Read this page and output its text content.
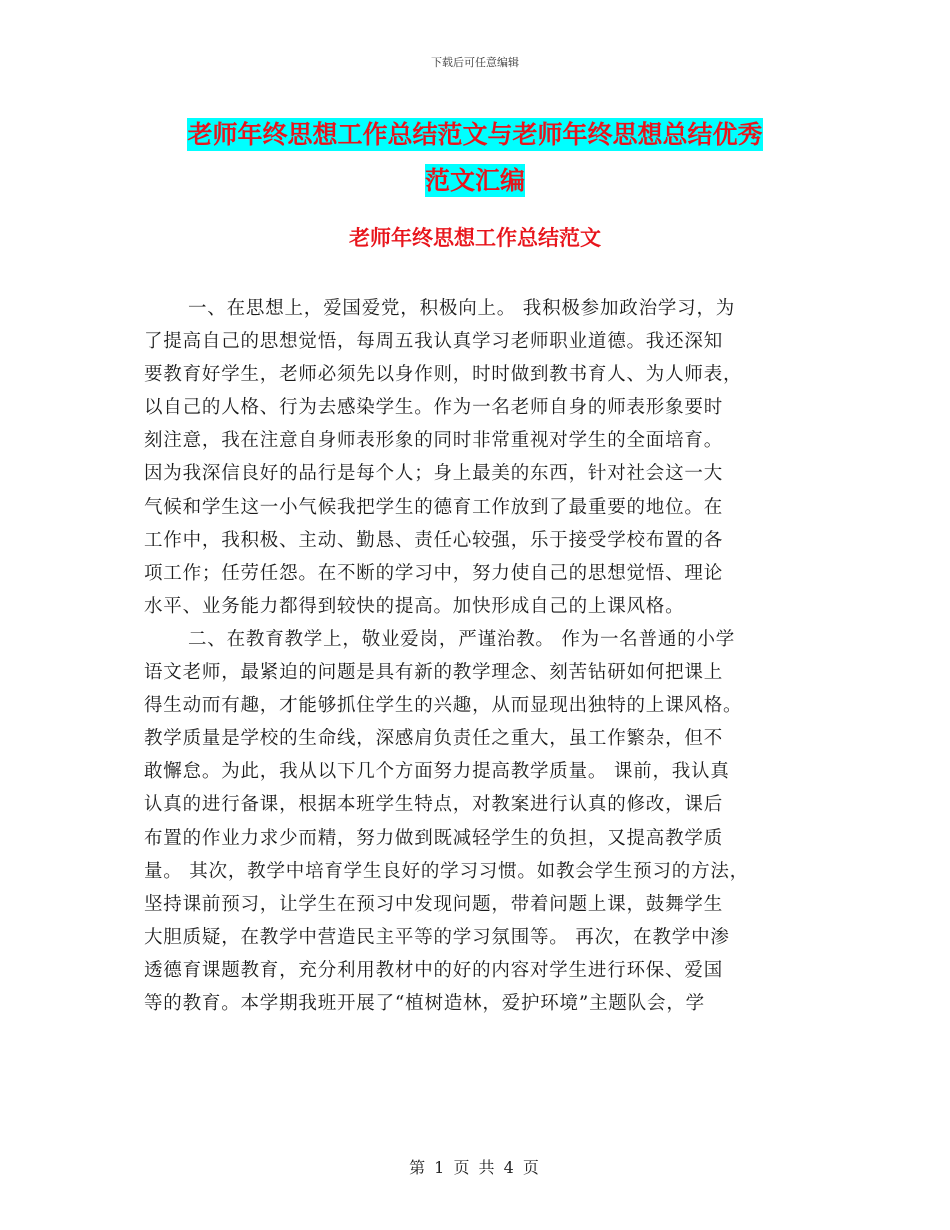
下载后可任意编辑
老师年终思想工作总结范文与老师年终思想总结优秀
范文汇编
老师年终思想工作总结范文
一、在思想上，爱国爱党，积极向上。 我积极参加政治学习，为
了提高自己的思想觉悟，每周五我认真学习老师职业道德。我还深知
要教育好学生，老师必须先以身作则，时时做到教书育人、为人师表，
以自己的人格、行为去感染学生。作为一名老师自身的师表形象要时
刻注意，我在注意自身师表形象的同时非常重视对学生的全面培育。
因为我深信良好的品行是每个人；身上最美的东西，针对社会这一大
气候和学生这一小气候我把学生的德育工作放到了最重要的地位。在
工作中，我积极、主动、勤恳、责任心较强，乐于接受学校布置的各
项工作；任劳任怨。在不断的学习中，努力使自己的思想觉悟、理论
水平、业务能力都得到较快的提高。加快形成自己的上课风格。
二、在教育教学上，敬业爱岗，严谨治教。 作为一名普通的小学
语文老师，最紧迫的问题是具有新的教学理念、刻苦钻研如何把课上
得生动而有趣，才能够抓住学生的兴趣，从而显现出独特的上课风格。
教学质量是学校的生命线，深感肩负责任之重大，虽工作繁杂，但不
敢懈怠。为此，我从以下几个方面努力提高教学质量。 课前，我认真
认真的进行备课，根据本班学生特点，对教案进行认真的修改，课后
布置的作业力求少而精，努力做到既减轻学生的负担，又提高教学质
量。 其次，教学中培育学生良好的学习习惯。如教会学生预习的方法，
坚持课前预习，让学生在预习中发现问题，带着问题上课，鼓舞学生
大胆质疑，在教学中营造民主平等的学习氛围等。 再次，在教学中渗
透德育课题教育，充分利用教材中的好的内容对学生进行环保、爱国
等的教育。本学期我班开展了“植树造林，爱护环境”主题队会，学
第 1 页 共 4 页
